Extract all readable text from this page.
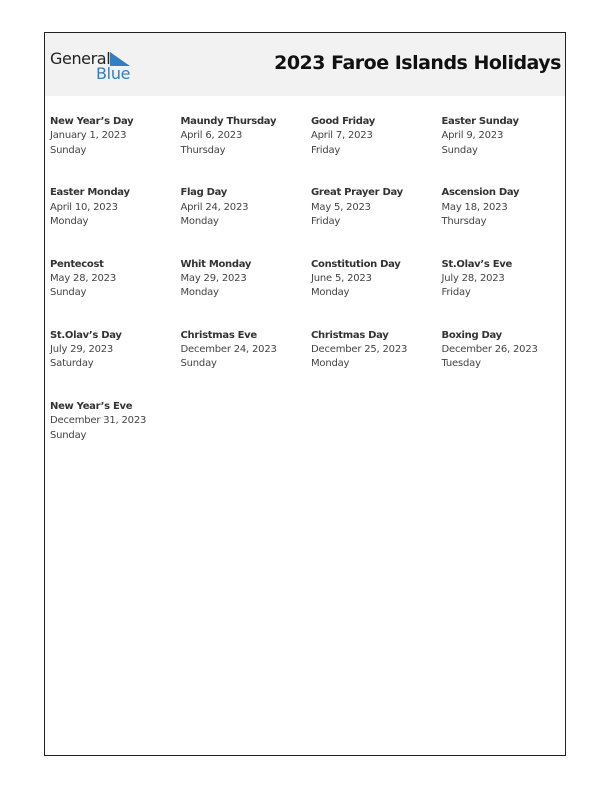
General
Blue	2023 Faroe Islands Holidays
New Year’s Day
January 1, 2023
Sunday
Maundy Thursday
April 6, 2023
Thursday
Good Friday
April 7, 2023
Friday
Easter Sunday
April 9, 2023
Sunday
Easter Monday
April 10, 2023
Monday
Flag Day
April 24, 2023
Monday
Great Prayer Day
May 5, 2023
Friday
Ascension Day
May 18, 2023
Thursday
Pentecost
May 28, 2023
Sunday
Whit Monday
May 29, 2023
Monday
Constitution Day
June 5, 2023
Monday
St.Olav’s Eve
July 28, 2023
Friday
St.Olav’s Day
July 29, 2023
Saturday
Christmas Eve
December 24, 2023
Sunday
Christmas Day
December 25, 2023
Monday
Boxing Day
December 26, 2023
Tuesday
New Year’s Eve
December 31, 2023
Sunday
